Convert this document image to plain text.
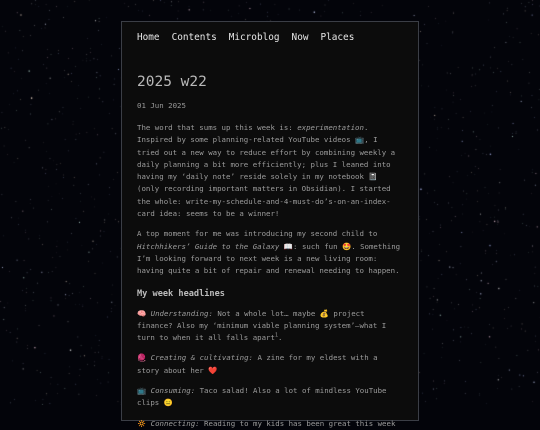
Home Contents Microblog Now Places
2025 w22
01 Jun 2025

The word that sums up this week is: experimentation. Inspired by some planning-related YouTube videos 📺, I tried out a new way to reduce effort by combining weekly a daily planning a bit more efficiently; plus I leaned into having my ‘daily note’ reside solely in my notebook 📓 (only recording important matters in Obsidian). I started the whole: write-my-schedule-and-4-must-do’s-on-an-index-card idea: seems to be a winner!

A top moment for me was introducing my second child to Hitchhikers’ Guide to the Galaxy 📖: such fun 🤩. Something I’m looking forward to next week is a new living room: having quite a bit of repair and renewal needing to happen.

My week headlines

🧠 Understanding: Not a whole lot… maybe 💰 project finance? Also my ‘minimum viable planning system’–what I turn to when it all falls apart$^1$.

🧶 Creating & cultivating: A zine for my eldest with a story about her ❤️

📺 Consuming: Taco salad! Also a lot of mindless YouTube clips 😑

🔅 Connecting: Reading to my kids has been great this week
